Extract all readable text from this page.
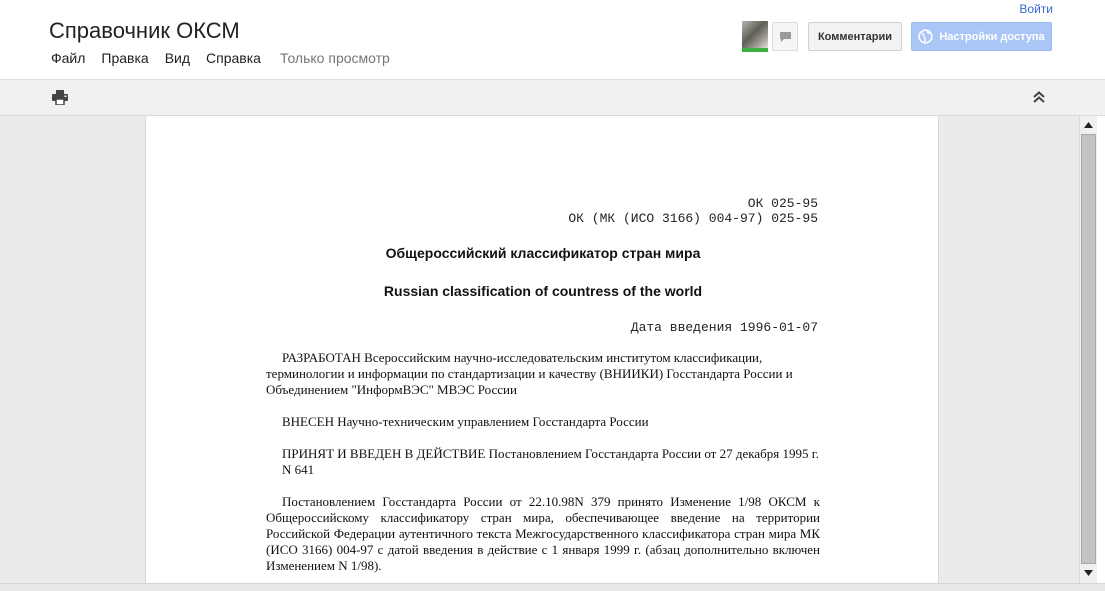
Справочник ОКСМ
Войти
Файл Правка Вид Справка Только просмотр
Комментарии	Настройки доступа
ОК 025-95
ОК (МК (ИСО 3166) 004-97) 025-95
Общероссийский классификатор стран мира
Russian classification of countress of the world
Дата введения 1996-01-07
РАЗРАБОТАН Всероссийским научно-исследовательским институтом классификации,
терминологии и информации по стандартизации и качеству (ВНИИКИ) Госстандарта России и
Объединением "ИнформВЭС" МВЭС России
ВНЕСЕН Научно-техническим управлением Госстандарта России
ПРИНЯТ И ВВЕДЕН В ДЕЙСТВИЕ Постановлением Госстандарта России от 27 декабря 1995 г.
N 641
Постановлением Госстандарта России от 22.10.98N 379 принято Изменение 1/98 ОКСМ к
Общероссийскому классификатору стран мира, обеспечивающее введение на территории
Российской Федерации аутентичного текста Межгосударственного классификатора стран мира МК
(ИСО 3166) 004-97 с датой введения в действие с 1 января 1999 г. (абзац дополнительно включен
Изменением N 1/98).
